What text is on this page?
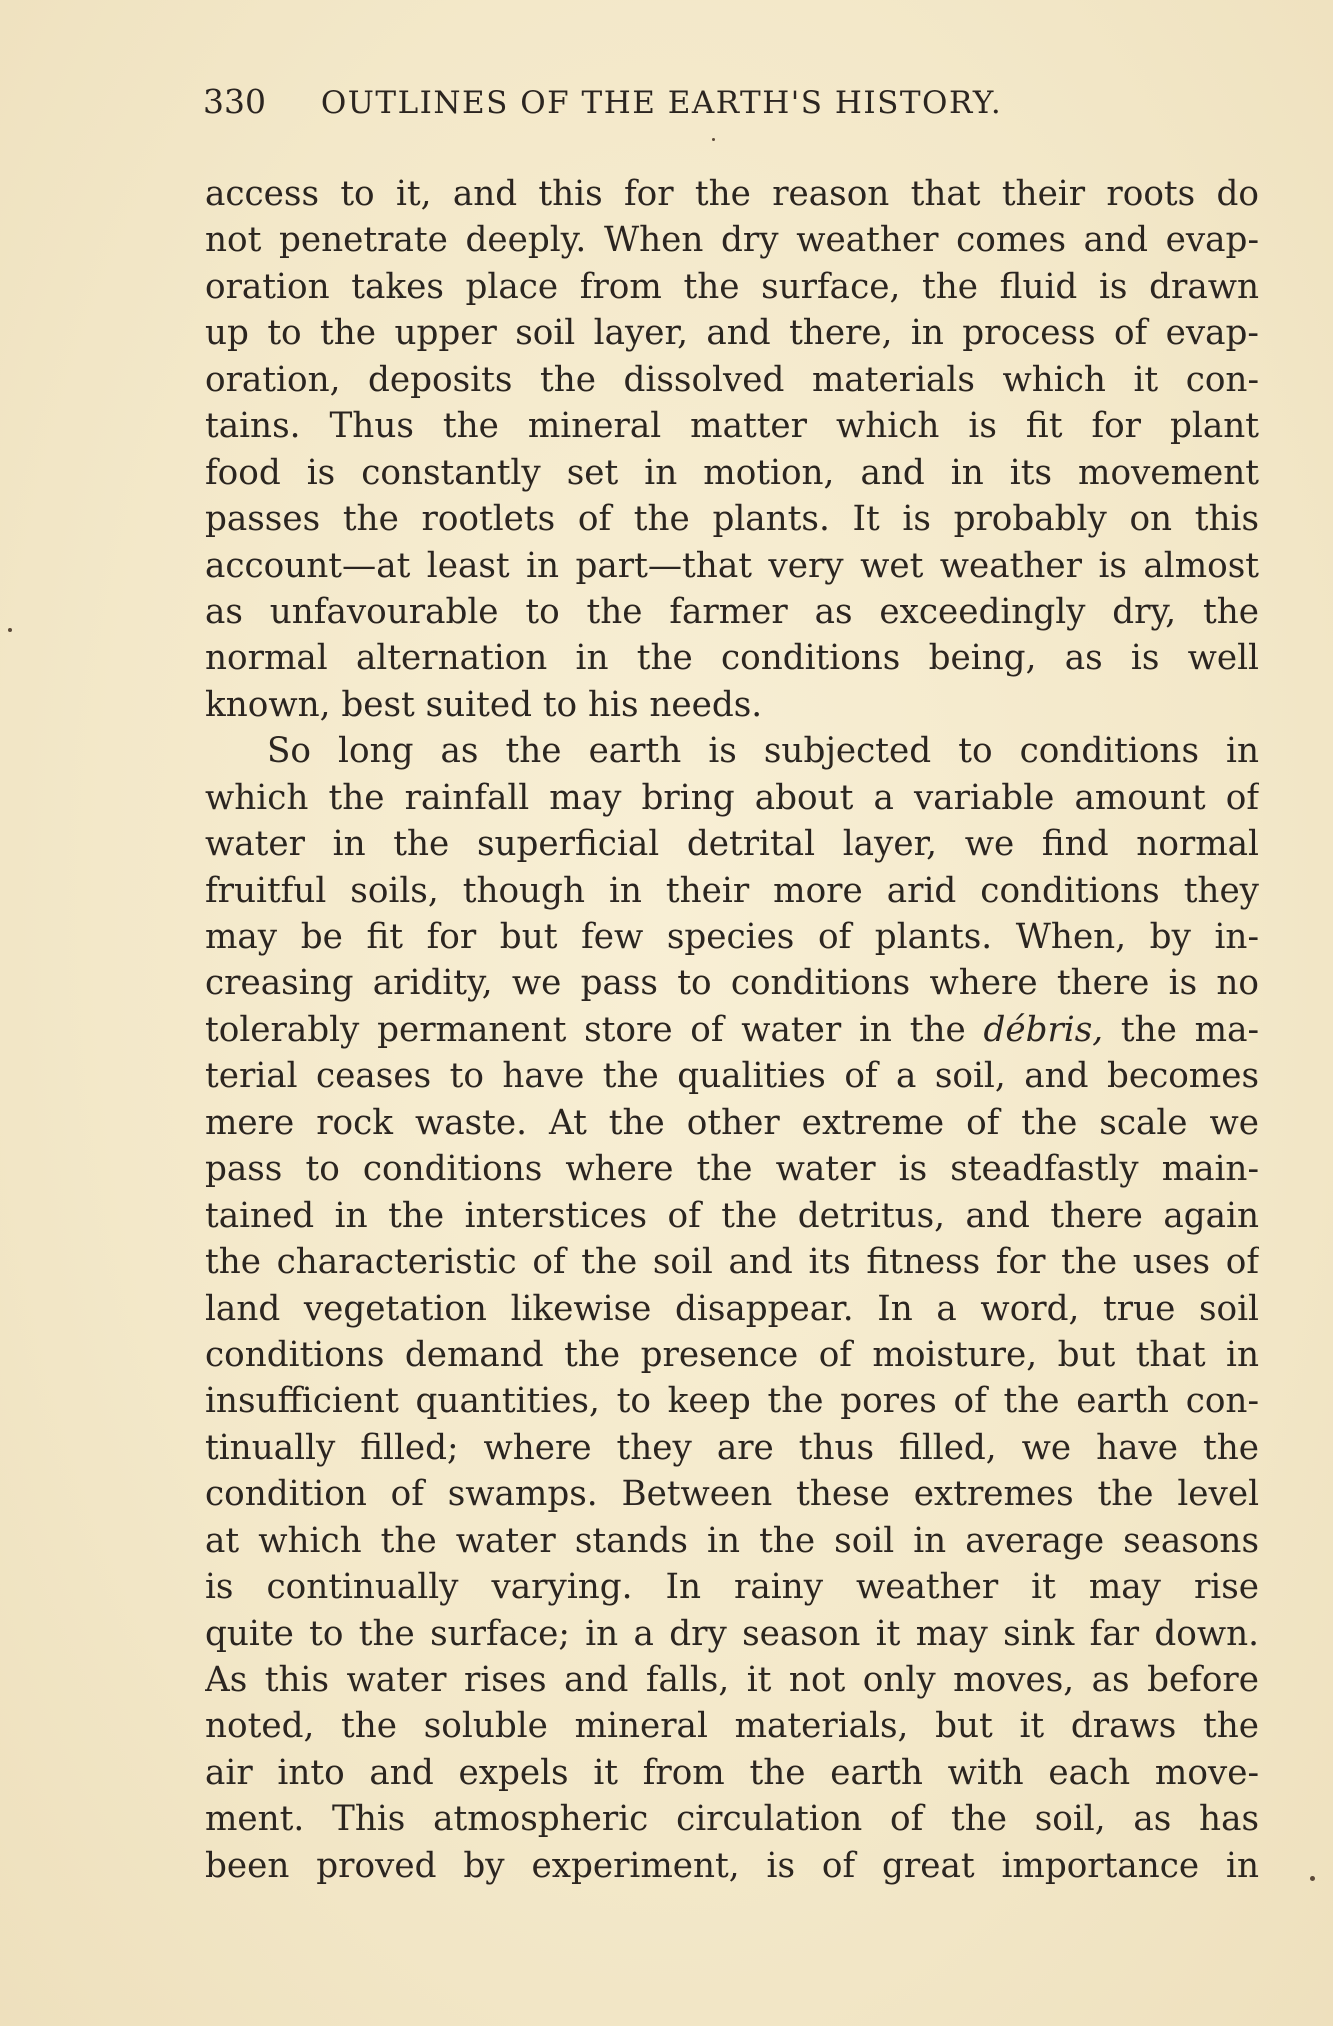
330 OUTLINES OF THE EARTH'S HISTORY.
access to it, and this for the reason that their roots do
not penetrate deeply. When dry weather comes and evap-
oration takes place from the surface, the fluid is drawn
up to the upper soil layer, and there, in process of evap-
oration, deposits the dissolved materials which it con-
tains. Thus the mineral matter which is fit for plant
food is constantly set in motion, and in its movement
passes the rootlets of the plants. It is probably on this
account—at least in part—that very wet weather is almost
as unfavourable to the farmer as exceedingly dry, the
normal alternation in the conditions being, as is well
known, best suited to his needs.
So long as the earth is subjected to conditions in
which the rainfall may bring about a variable amount of
water in the superficial detrital layer, we find normal
fruitful soils, though in their more arid conditions they
may be fit for but few species of plants. When, by in-
creasing aridity, we pass to conditions where there is no
tolerably permanent store of water in the débris, the ma-
terial ceases to have the qualities of a soil, and becomes
mere rock waste. At the other extreme of the scale we
pass to conditions where the water is steadfastly main-
tained in the interstices of the detritus, and there again
the characteristic of the soil and its fitness for the uses of
land vegetation likewise disappear. In a word, true soil
conditions demand the presence of moisture, but that in
insufficient quantities, to keep the pores of the earth con-
tinually filled; where they are thus filled, we have the
condition of swamps. Between these extremes the level
at which the water stands in the soil in average seasons
is continually varying. In rainy weather it may rise
quite to the surface; in a dry season it may sink far down.
As this water rises and falls, it not only moves, as before
noted, the soluble mineral materials, but it draws the
air into and expels it from the earth with each move-
ment. This atmospheric circulation of the soil, as has
been proved by experiment, is of great importance in
